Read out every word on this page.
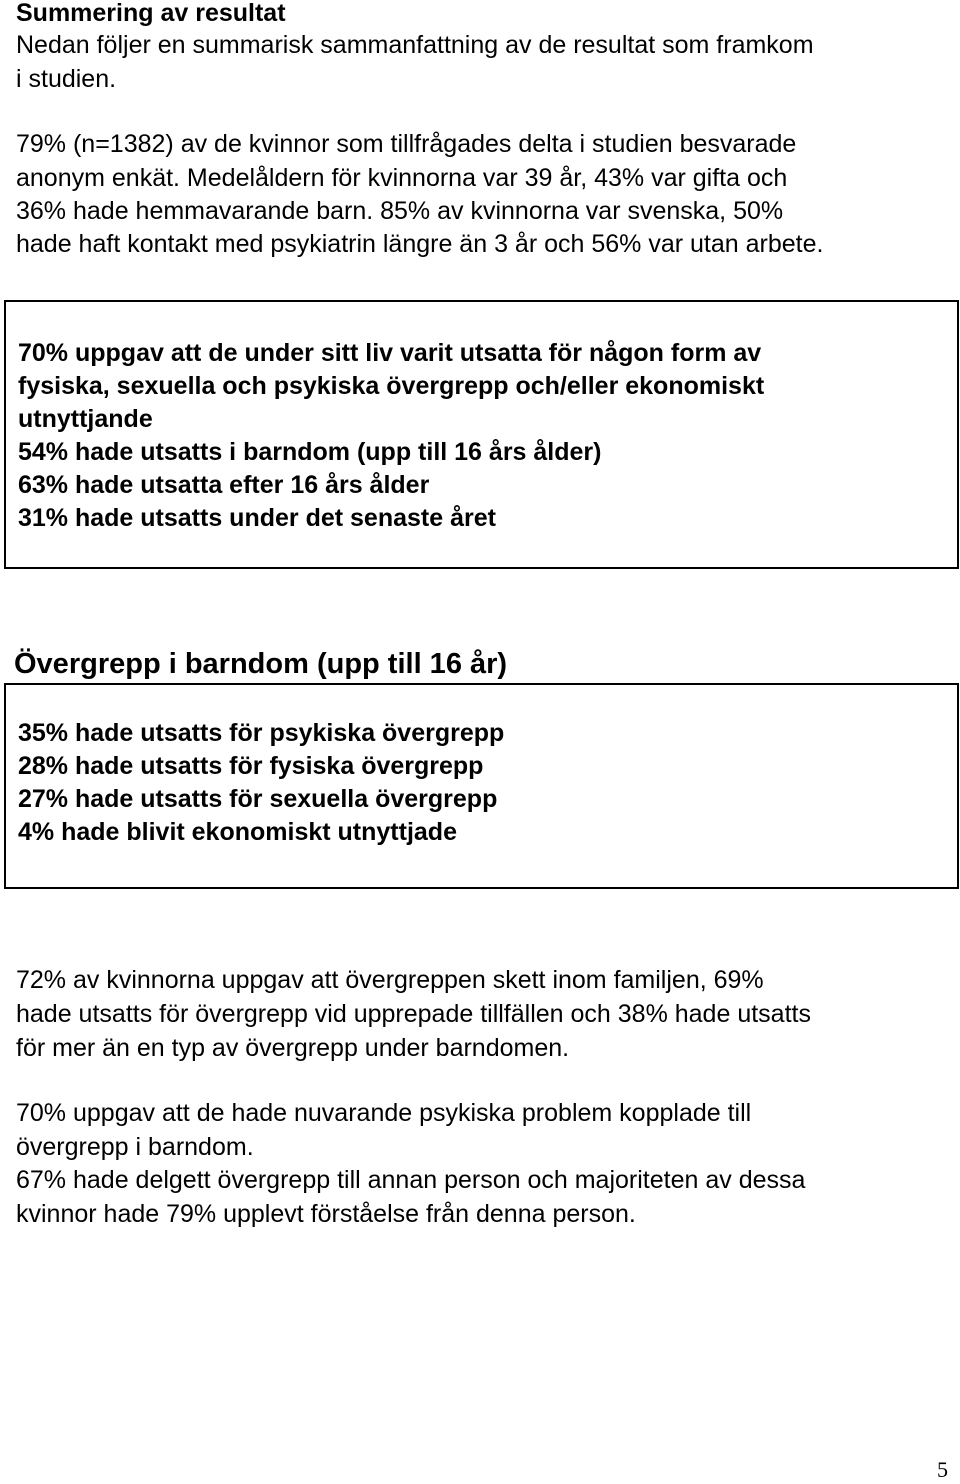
Summering av resultat
Nedan följer en summarisk sammanfattning av de resultat som framkom
i studien.
79% (n=1382) av de kvinnor som tillfrågades delta i studien besvarade
anonym enkät. Medelåldern för kvinnorna var 39 år, 43% var gifta och
36% hade hemmavarande barn. 85% av kvinnorna var svenska, 50%
hade haft kontakt med psykiatrin längre än 3 år och 56% var utan arbete.
70% uppgav att de under sitt liv varit utsatta för någon form av
fysiska, sexuella och psykiska övergrepp och/eller ekonomiskt
utnyttjande
54% hade utsatts i barndom (upp till 16 års ålder)
63% hade utsatta efter 16 års ålder
31% hade utsatts under det senaste året
Övergrepp i barndom (upp till 16 år)
35% hade utsatts för psykiska övergrepp
28% hade utsatts för fysiska övergrepp
27% hade utsatts för sexuella övergrepp
4% hade blivit ekonomiskt utnyttjade
72% av kvinnorna uppgav att övergreppen skett inom familjen, 69%
hade utsatts för övergrepp vid upprepade tillfällen och 38% hade utsatts
för mer än en typ av övergrepp under barndomen.
70% uppgav att de hade nuvarande psykiska problem kopplade till
övergrepp i barndom.
67% hade delgett övergrepp till annan person och majoriteten av dessa
kvinnor hade 79% upplevt förståelse från denna person.
5
